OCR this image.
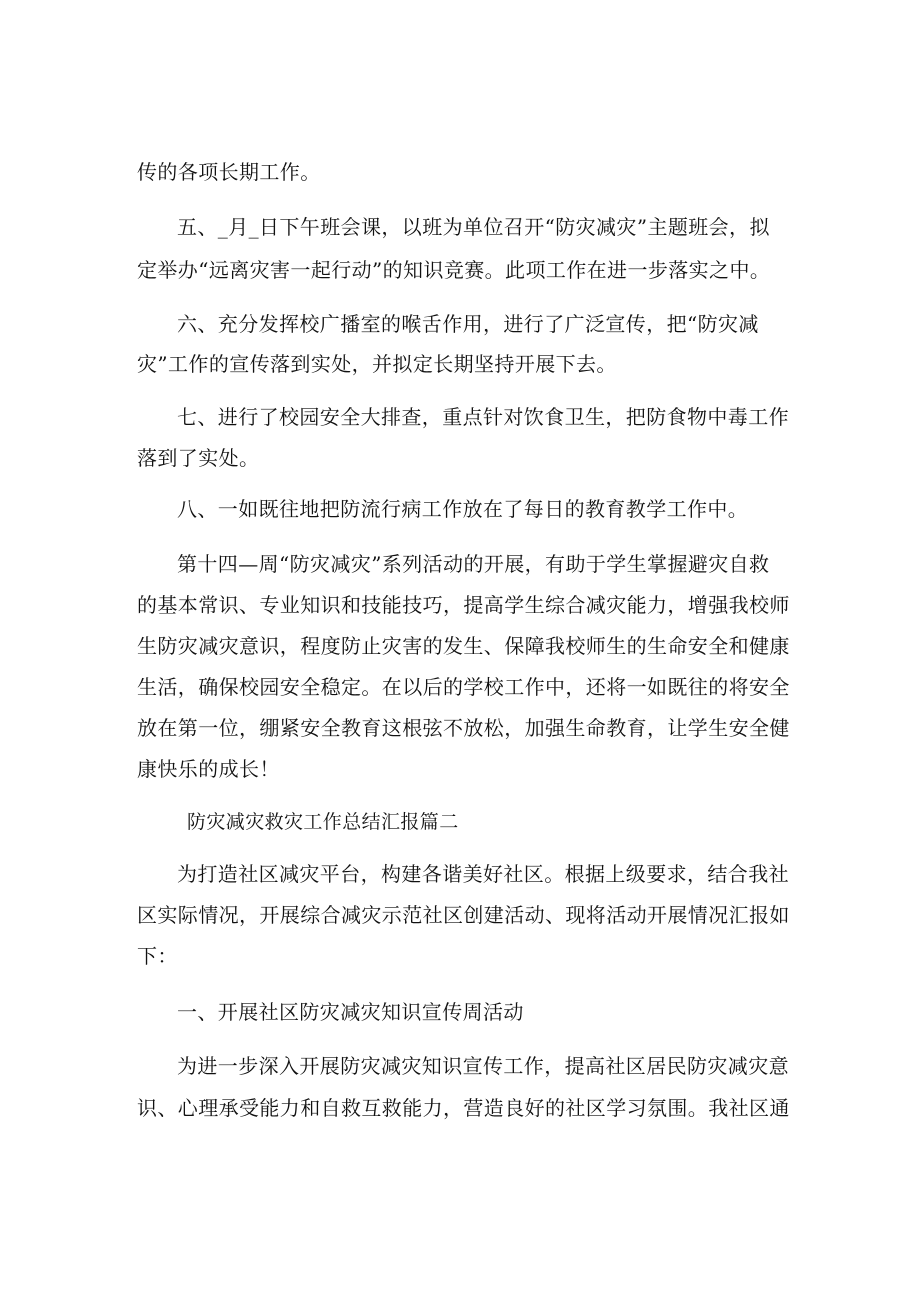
传的各项长期工作。
五、_月_日下午班会课，以班为单位召开“防灾减灾”主题班会，拟
定举办“远离灾害一起行动”的知识竞赛。此项工作在进一步落实之中。
六、充分发挥校广播室的喉舌作用，进行了广泛宣传，把“防灾减
灾”工作的宣传落到实处，并拟定长期坚持开展下去。
七、进行了校园安全大排查，重点针对饮食卫生，把防食物中毒工作
落到了实处。
八、一如既往地把防流行病工作放在了每日的教育教学工作中。
第十四—周“防灾减灾”系列活动的开展，有助于学生掌握避灾自救
的基本常识、专业知识和技能技巧，提高学生综合减灾能力，增强我校师
生防灾减灾意识，程度防止灾害的发生、保障我校师生的生命安全和健康
生活，确保校园安全稳定。在以后的学校工作中，还将一如既往的将安全
放在第一位，绷紧安全教育这根弦不放松，加强生命教育，让学生安全健
康快乐的成长！
防灾减灾救灾工作总结汇报篇二
为打造社区减灾平台，构建各谐美好社区。根据上级要求，结合我社
区实际情况，开展综合减灾示范社区创建活动、现将活动开展情况汇报如
下：
一、开展社区防灾减灾知识宣传周活动
为进一步深入开展防灾减灾知识宣传工作，提高社区居民防灾减灾意
识、心理承受能力和自救互救能力，营造良好的社区学习氛围。我社区通
